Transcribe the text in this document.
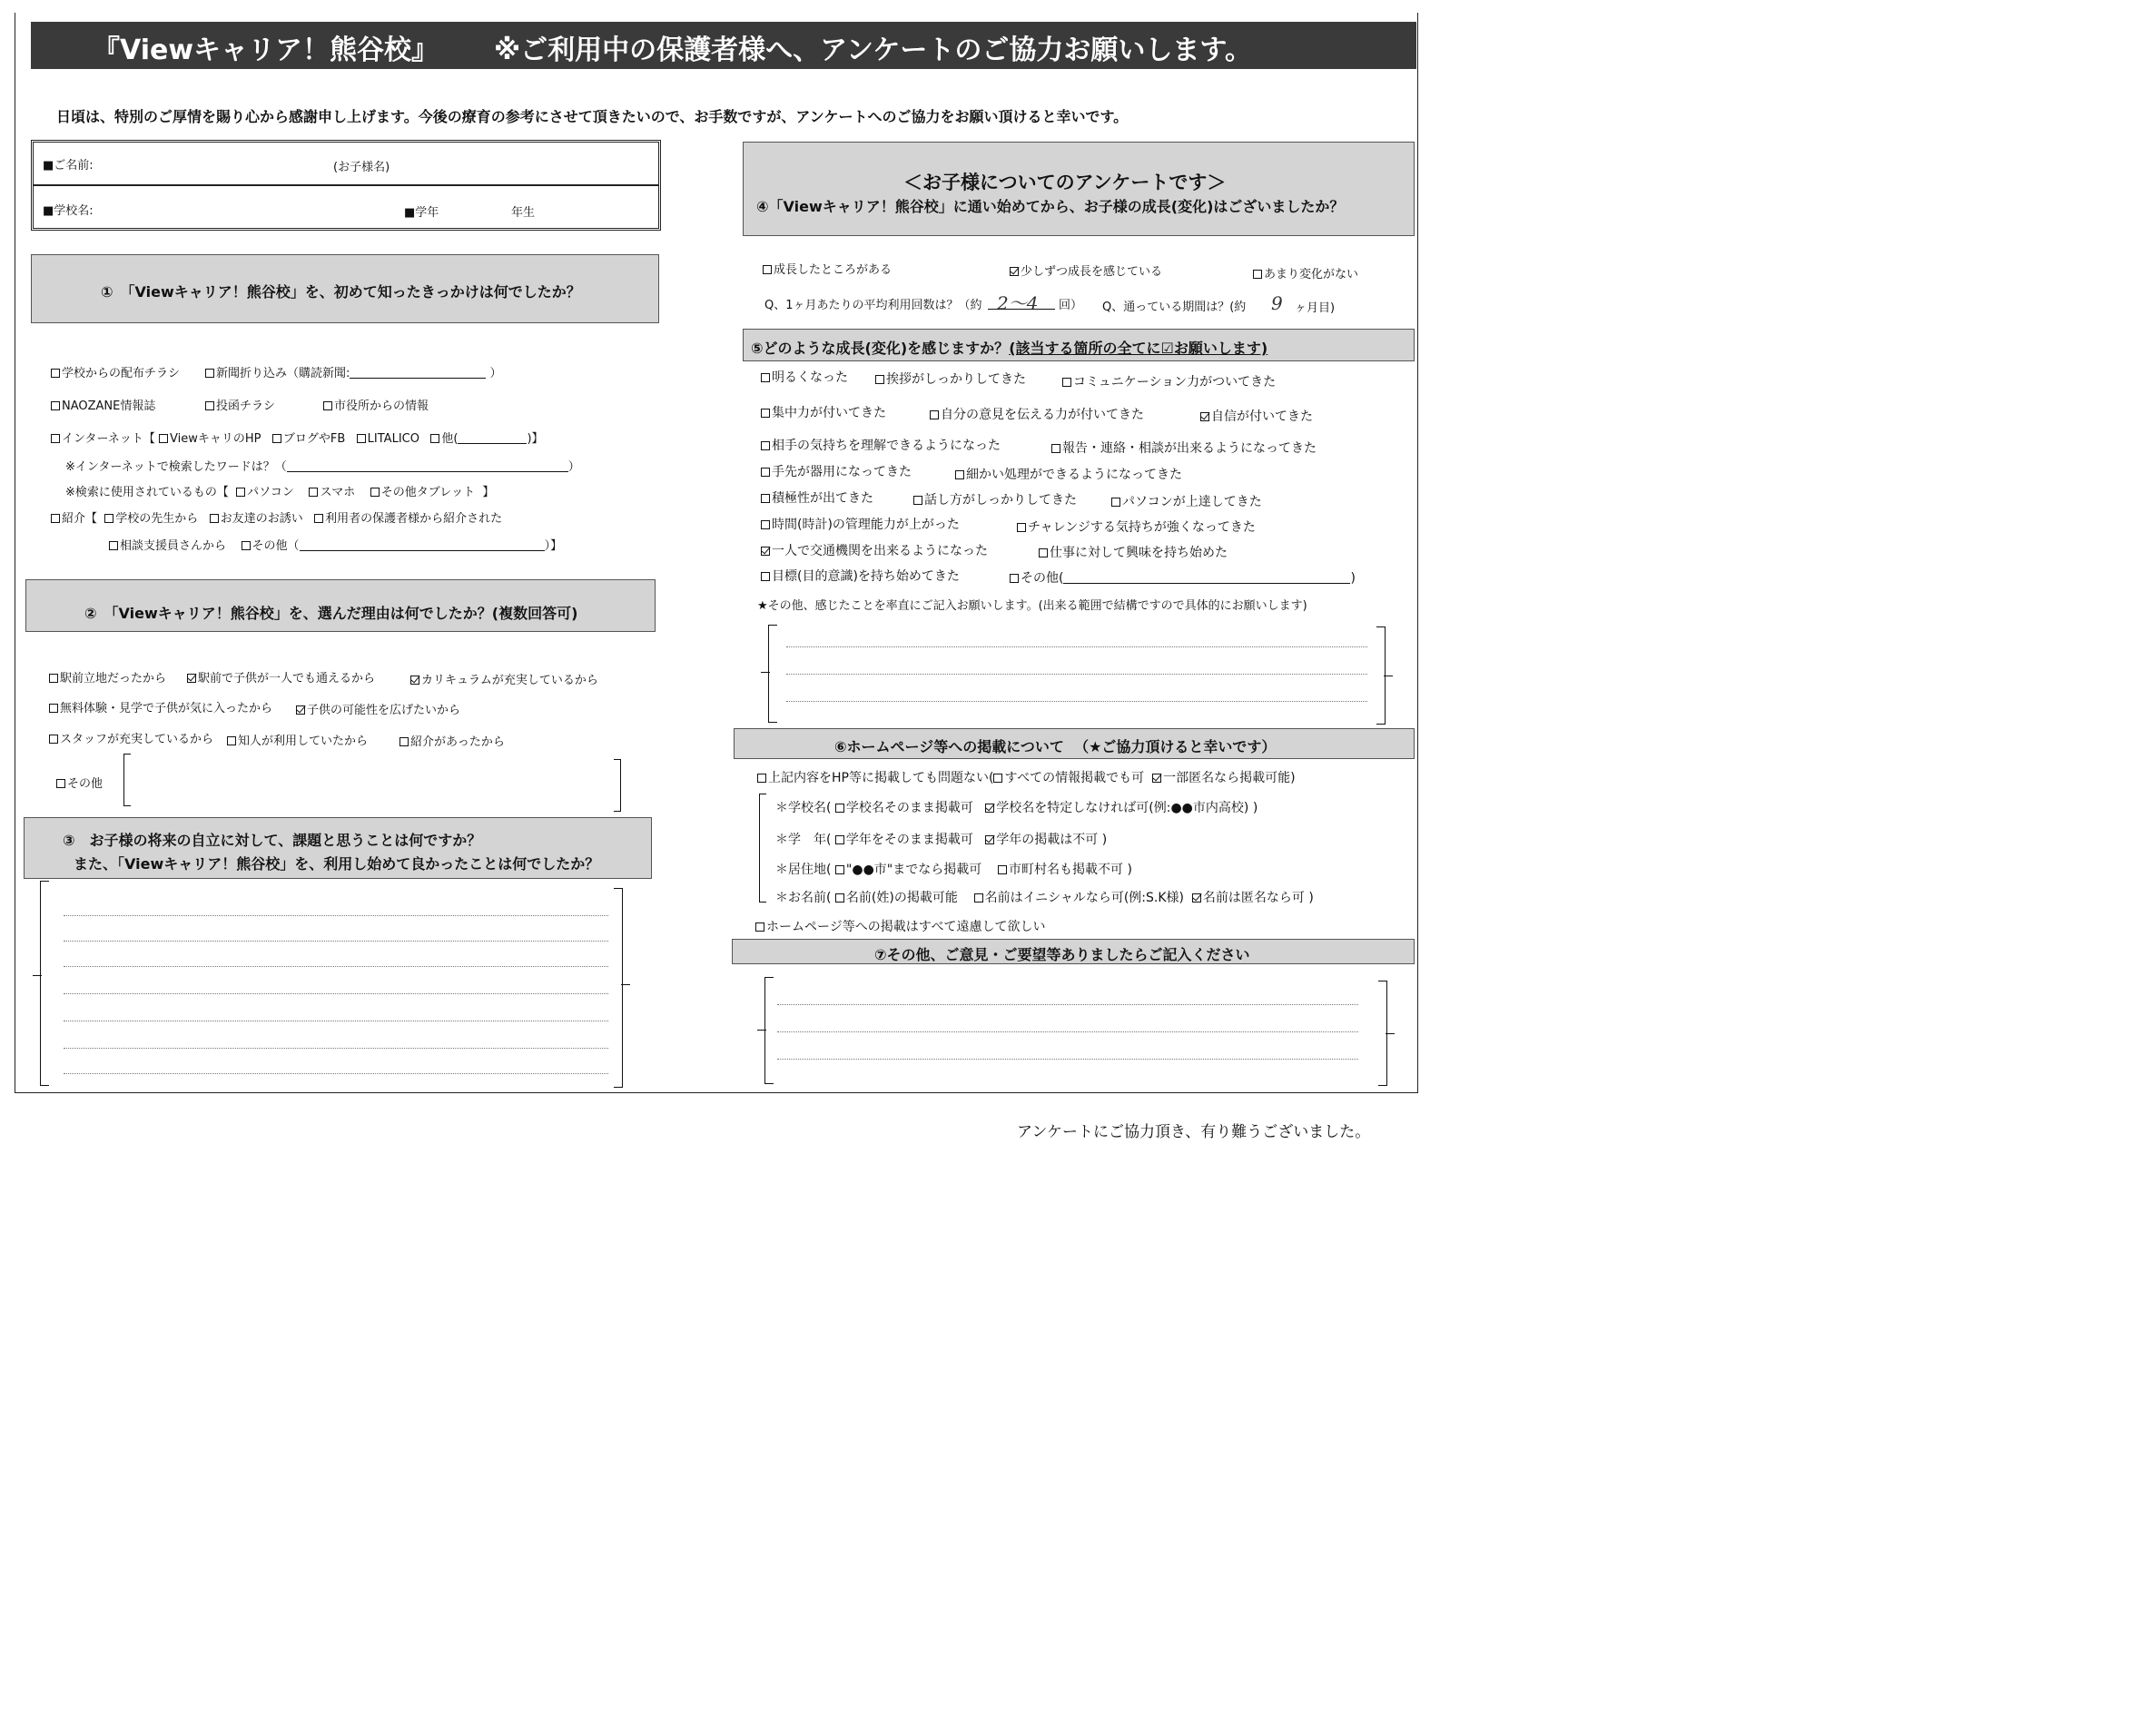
『Viewキャリア！熊谷校』 ※ご利用中の保護者様へ、アンケートのご協力お願いします。
日頃は、特別のご厚情を賜り心から感謝申し上げます。今後の療育の参考にさせて頂きたいので、お手数ですが、アンケートへのご協力をお願い頂けると幸いです。
■ご名前:	(お子様名)
■学校名:	■学年	年生
①　「Viewキャリア！熊谷校」を、初めて知ったきっかけは何でしたか？
学校からの配布チラシ	新聞折り込み（購読新聞:	）
NAOZANE情報誌	投函チラシ	市役所からの情報
インターネット【 ViewキャリのHP ブログやFB LITALICO 他(	)】
※インターネットで検索したワードは？（	）
※検索に使用されているもの【 パソコン スマホ その他タブレット 】
紹介【 学校の先生から お友達のお誘い 利用者の保護者様から紹介された
相談支援員さんから その他（	）】
②　「Viewキャリア！熊谷校」を、選んだ理由は何でしたか？(複数回答可)
駅前立地だったから	駅前で子供が一人でも通えるから	カリキュラムが充実しているから
無料体験・見学で子供が気に入ったから	子供の可能性を広げたいから
スタッフが充実しているから	知人が利用していたから	紹介があったから
その他
③　お子様の将来の自立に対して、課題と思うことは何ですか？
また、「Viewキャリア！熊谷校」を、利用し始めて良かったことは何でしたか？
＜お子様についてのアンケートです＞
④「Viewキャリア！熊谷校」に通い始めてから、お子様の成長(変化)はございましたか？
成長したところがある	少しずつ成長を感じている	あまり変化がない
Q、1ヶ月あたりの平均利用回数は？（約 2〜4 回） Q、通っている期間は？(約 9 ヶ月目)
⑤どのような成長(変化)を感じますか？(該当する箇所の全てに☑お願いします)
明るくなった	挨拶がしっかりしてきた	コミュニケーション力がついてきた
集中力が付いてきた	自分の意見を伝える力が付いてきた	自信が付いてきた
相手の気持ちを理解できるようになった	報告・連絡・相談が出来るようになってきた
手先が器用になってきた	細かい処理ができるようになってきた
積極性が出てきた	話し方がしっかりしてきた	パソコンが上達してきた
時間(時計)の管理能力が上がった	チャレンジする気持ちが強くなってきた
一人で交通機関を出来るようになった	仕事に対して興味を持ち始めた
目標(目的意識)を持ち始めてきた	その他(	)
★その他、感じたことを率直にご記入お願いします。(出来る範囲で結構ですので具体的にお願いします)
⑥ホームページ等への掲載について （★ご協力頂けると幸いです）
上記内容をHP等に掲載しても問題ない( すべての情報掲載でも可 一部匿名なら掲載可能)
＊学校名( 学校名そのまま掲載可 学校名を特定しなければ可(例:●●市内高校) )
＊学　年( 学年をそのまま掲載可 学年の掲載は不可 )
＊居住地( "●●市"までなら掲載可 市町村名も掲載不可 )
＊お名前( 名前(姓)の掲載可能 名前はイニシャルなら可(例:S.K様) 名前は匿名なら可 )
ホームページ等への掲載はすべて遠慮して欲しい
⑦その他、ご意見・ご要望等ありましたらご記入ください
アンケートにご協力頂き、有り難うございました。
